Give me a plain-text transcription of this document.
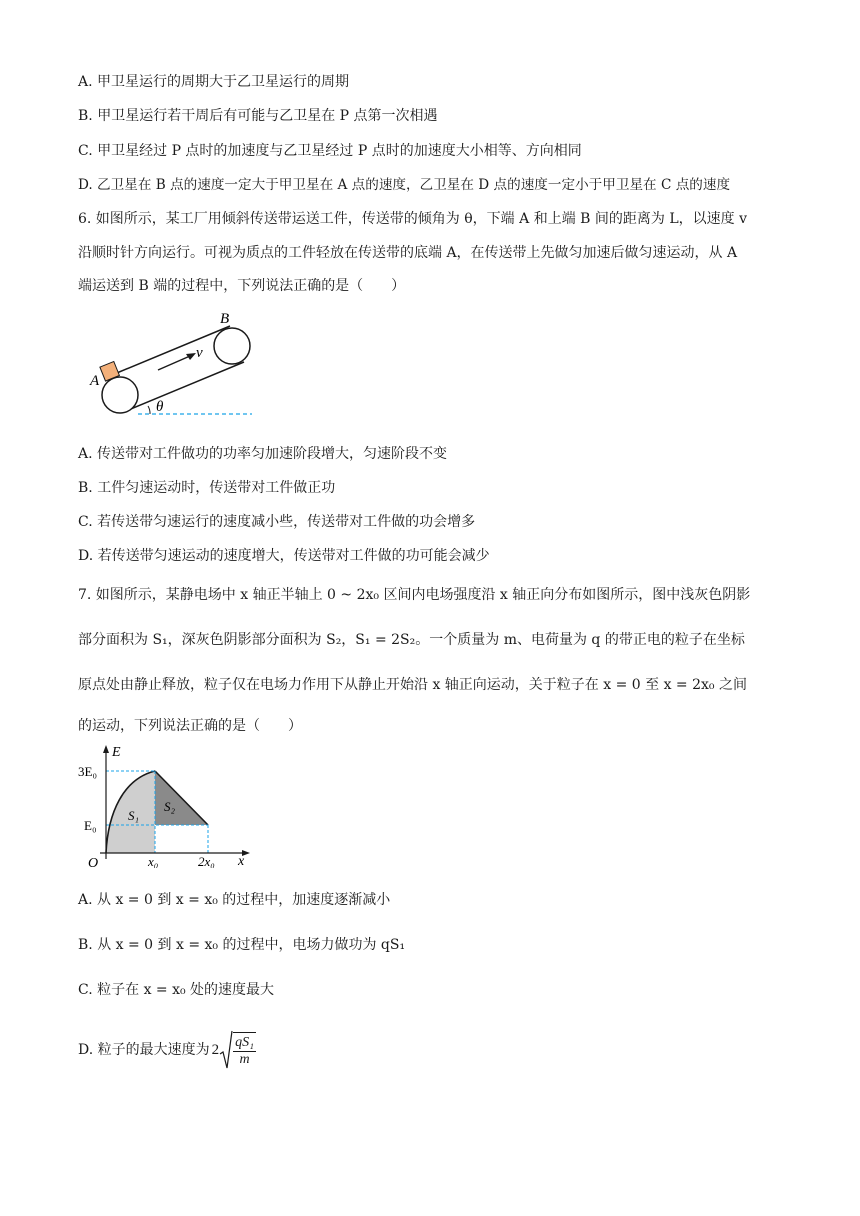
A. 甲卫星运行的周期大于乙卫星运行的周期
B. 甲卫星运行若干周后有可能与乙卫星在 P 点第一次相遇
C. 甲卫星经过 P 点时的加速度与乙卫星经过 P 点时的加速度大小相等、方向相同
D. 乙卫星在 B 点的速度一定大于甲卫星在 A 点的速度，乙卫星在 D 点的速度一定小于甲卫星在 C 点的速度
6. 如图所示，某工厂用倾斜传送带运送工件，传送带的倾角为 θ，下端 A 和上端 B 间的距离为 L，以速度 v
沿顺时针方向运行。可视为质点的工件轻放在传送带的底端 A，在传送带上先做匀加速后做匀速运动，从 A
端运送到 B 端的过程中，下列说法正确的是（　　）
A
B
v
θ
A. 传送带对工件做功的功率匀加速阶段增大，匀速阶段不变
B. 工件匀速运动时，传送带对工件做正功
C. 若传送带匀速运行的速度减小些，传送带对工件做的功会增多
D. 若传送带匀速运动的速度增大，传送带对工件做的功可能会减少
7. 如图所示，某静电场中 x 轴正半轴上 0 ~ 2x₀ 区间内电场强度沿 x 轴正向分布如图所示，图中浅灰色阴影
部分面积为 S₁，深灰色阴影部分面积为 S₂，S₁ = 2S₂。一个质量为 m、电荷量为 q 的带正电的粒子在坐标
原点处由静止释放，粒子仅在电场力作用下从静止开始沿 x 轴正向运动，关于粒子在 x = 0 至 x = 2x₀ 之间
的运动，下列说法正确的是（　　）
E
x
O
3E₀
E₀
x₀	2x₀
S₁
S₂
A. 从 x = 0 到 x = x₀ 的过程中，加速度逐渐减小
B. 从 x = 0 到 x = x₀ 的过程中，电场力做功为 qS₁
C. 粒子在 x = x₀ 处的速度最大
D. 粒子的最大速度为 $2 \frac{\text{qS₁}}{m}$
